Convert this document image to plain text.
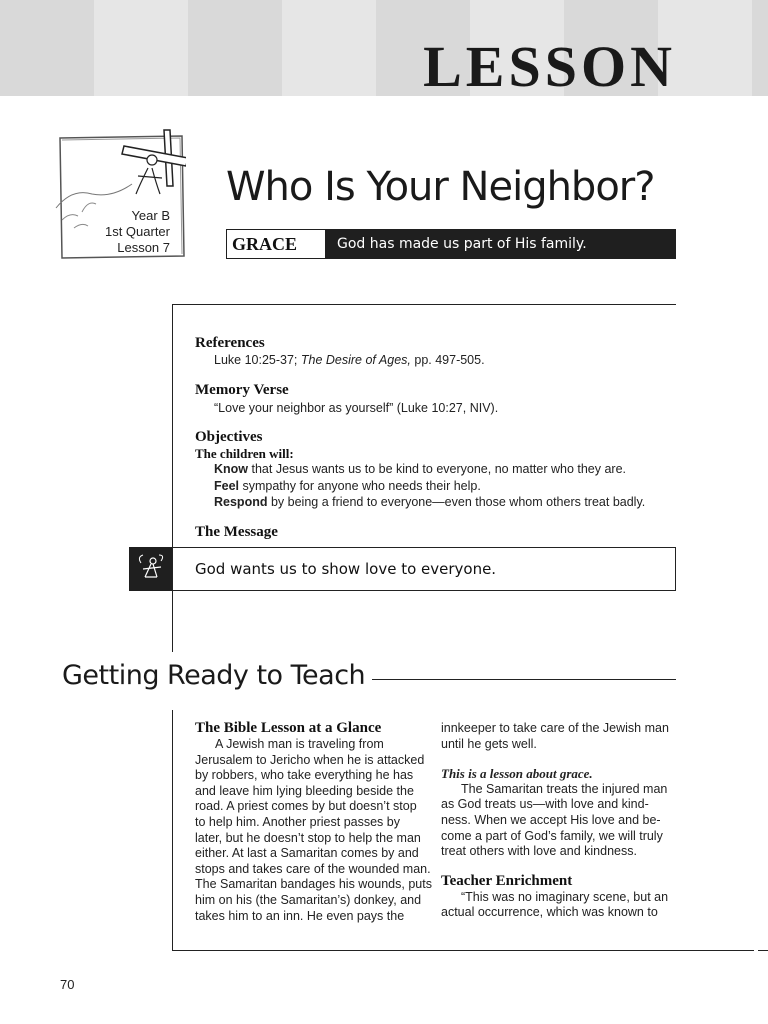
LESSON
Year B
1st Quarter
Lesson 7
Who Is Your Neighbor?
GRACE	God has made us part of His family.
References
Luke 10:25-37; The Desire of Ages, pp. 497-505.
Memory Verse
“Love your neighbor as yourself” (Luke 10:27, NIV).
Objectives
The children will:
Know that Jesus wants us to be kind to everyone, no matter who they are.
Feel sympathy for anyone who needs their help.
Respond by being a friend to everyone—even those whom others treat badly.
The Message
God wants us to show love to everyone.
Getting Ready to Teach
The Bible Lesson at a Glance
A Jewish man is traveling from
Jerusalem to Jericho when he is attacked
by robbers, who take everything he has
and leave him lying bleeding beside the
road. A priest comes by but doesn’t stop
to help him. Another priest passes by
later, but he doesn’t stop to help the man
either. At last a Samaritan comes by and
stops and takes care of the wounded man.
The Samaritan bandages his wounds, puts
him on his (the Samaritan’s) donkey, and
takes him to an inn. He even pays the
innkeeper to take care of the Jewish man
until he gets well.
This is a lesson about grace.
The Samaritan treats the injured man
as God treats us—with love and kind-
ness. When we accept His love and be-
come a part of God’s family, we will truly
treat others with love and kindness.
Teacher Enrichment
“This was no imaginary scene, but an
actual occurrence, which was known to
70
